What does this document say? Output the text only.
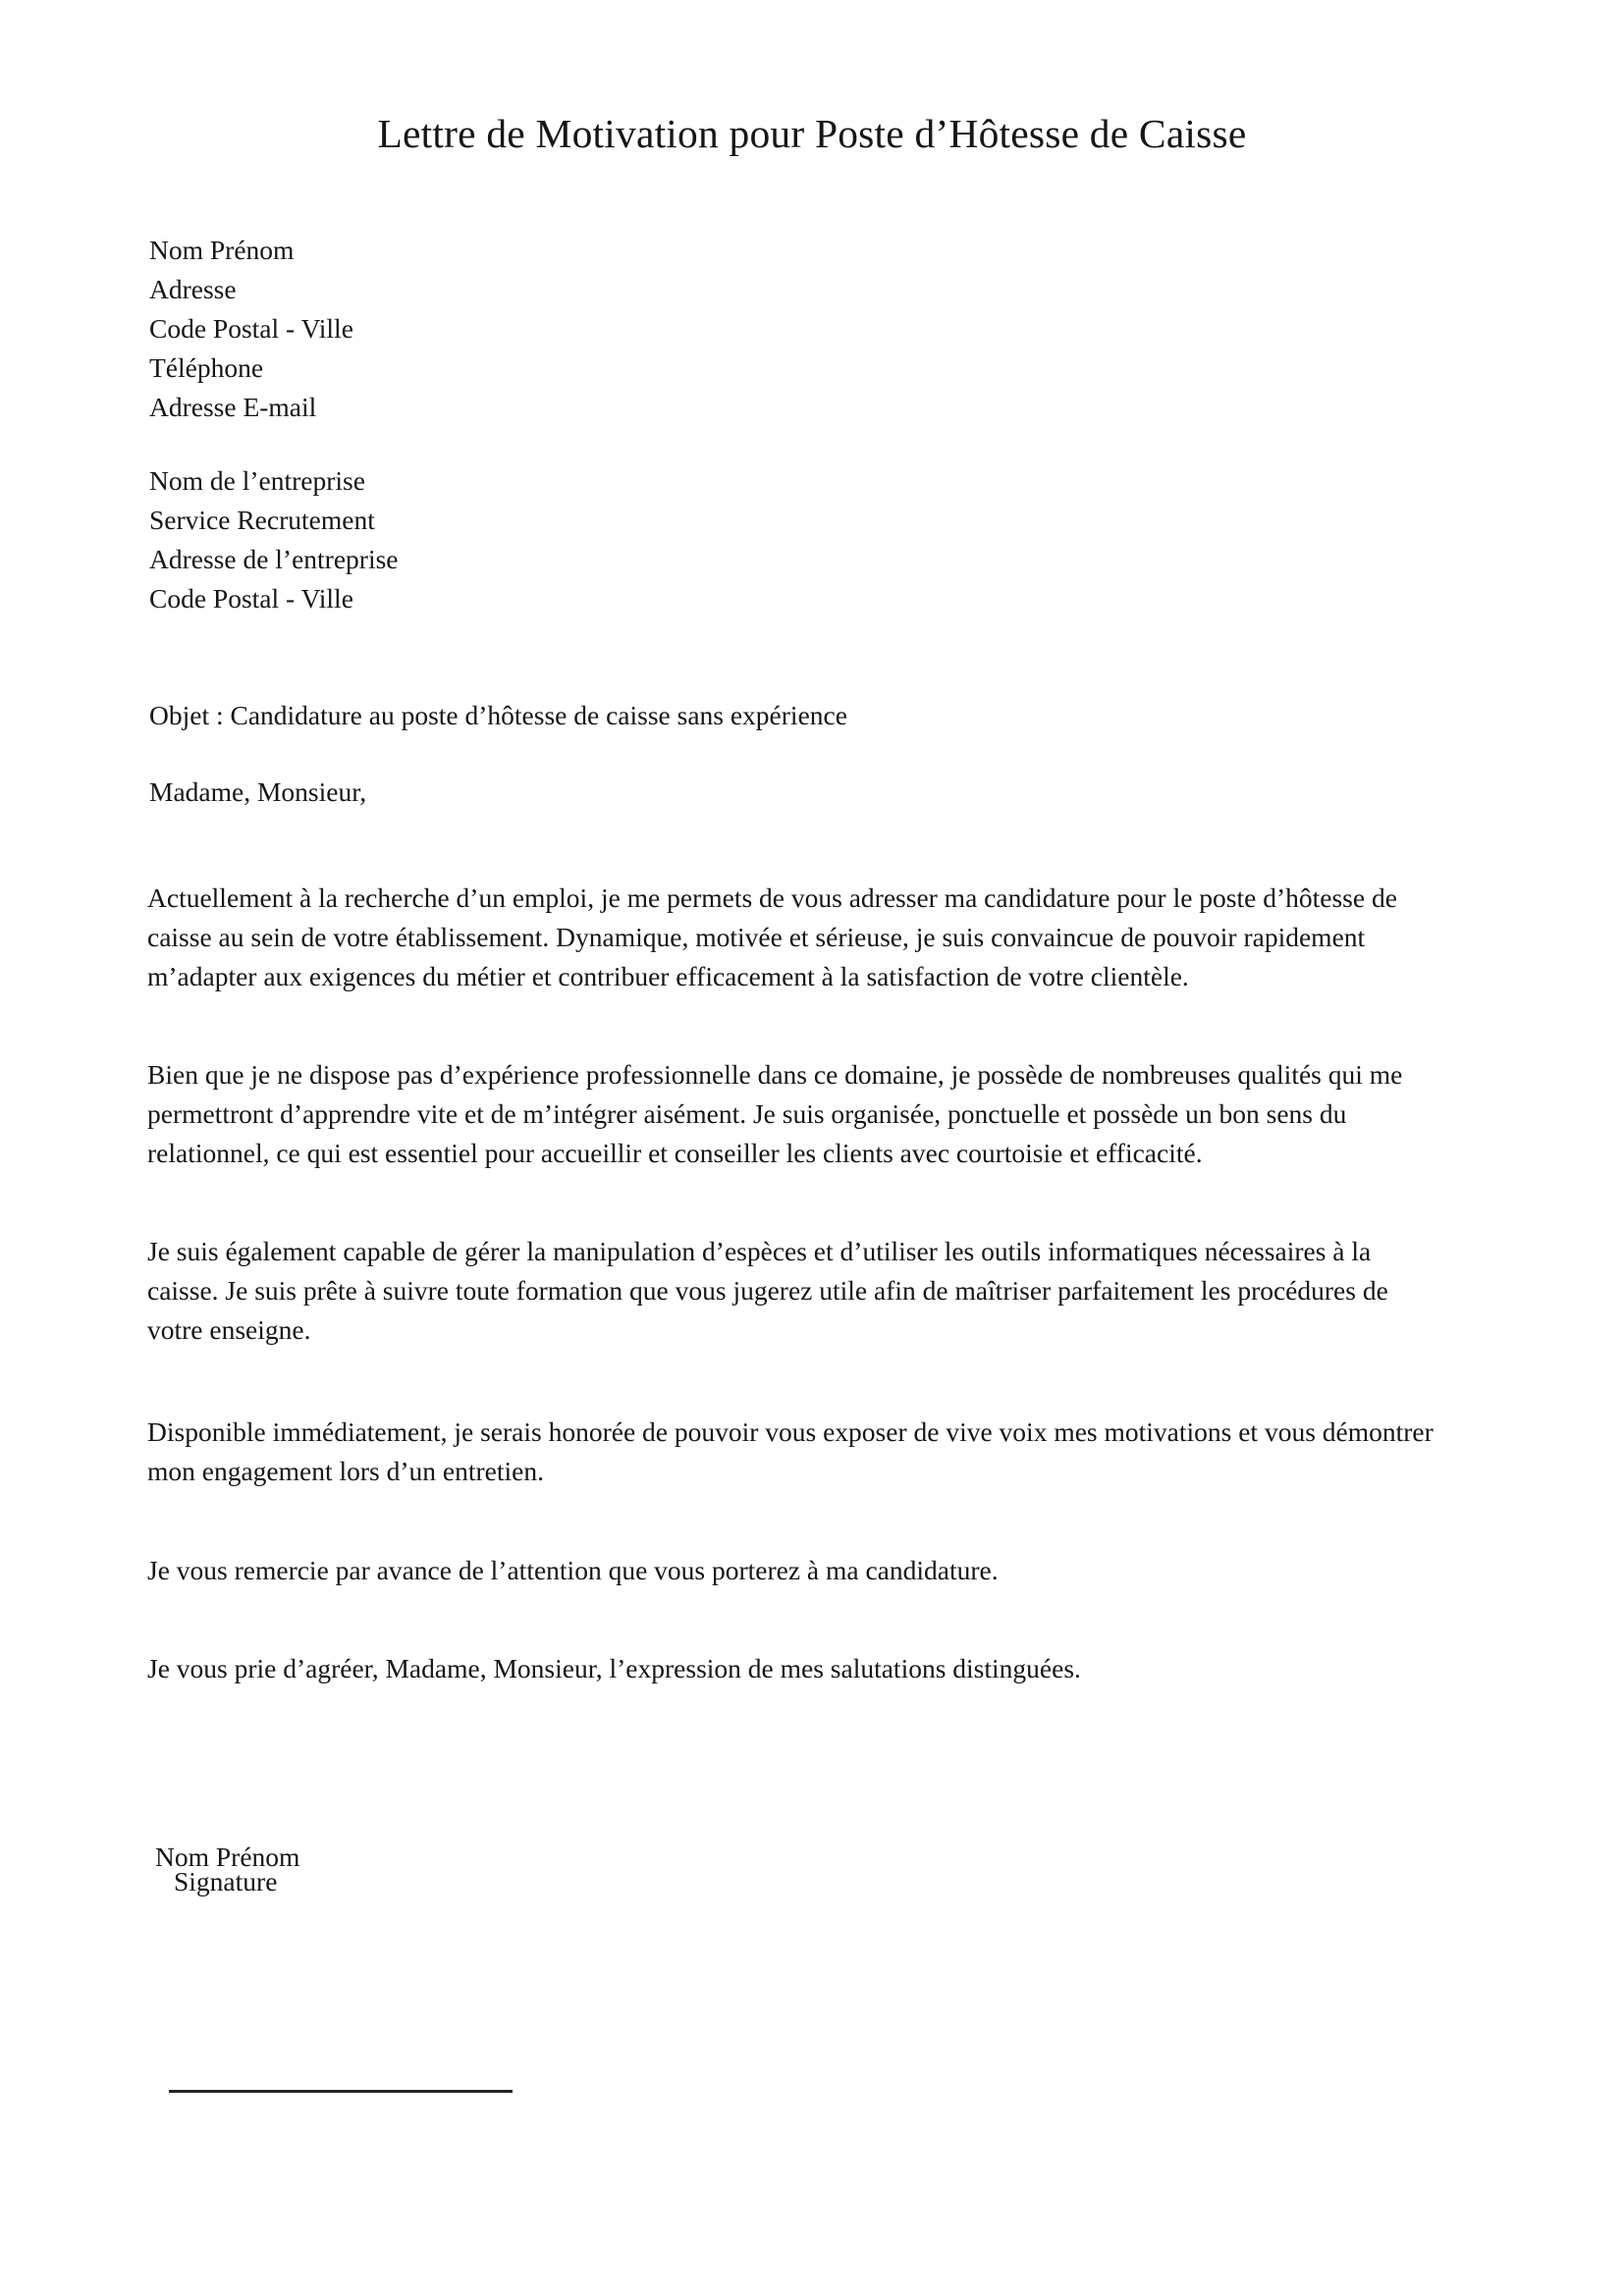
Lettre de Motivation pour Poste d’Hôtesse de Caisse
Nom Prénom
Adresse
Code Postal - Ville
Téléphone
Adresse E-mail
Nom de l’entreprise
Service Recrutement
Adresse de l’entreprise
Code Postal - Ville
Objet : Candidature au poste d’hôtesse de caisse sans expérience
Madame, Monsieur,
Actuellement à la recherche d’un emploi, je me permets de vous adresser ma candidature pour le poste d’hôtesse de
caisse au sein de votre établissement. Dynamique, motivée et sérieuse, je suis convaincue de pouvoir rapidement
m’adapter aux exigences du métier et contribuer efficacement à la satisfaction de votre clientèle.
Bien que je ne dispose pas d’expérience professionnelle dans ce domaine, je possède de nombreuses qualités qui me
permettront d’apprendre vite et de m’intégrer aisément. Je suis organisée, ponctuelle et possède un bon sens du
relationnel, ce qui est essentiel pour accueillir et conseiller les clients avec courtoisie et efficacité.
Je suis également capable de gérer la manipulation d’espèces et d’utiliser les outils informatiques nécessaires à la
caisse. Je suis prête à suivre toute formation que vous jugerez utile afin de maîtriser parfaitement les procédures de
votre enseigne.
Disponible immédiatement, je serais honorée de pouvoir vous exposer de vive voix mes motivations et vous démontrer
mon engagement lors d’un entretien.
Je vous remercie par avance de l’attention que vous porterez à ma candidature.
Je vous prie d’agréer, Madame, Monsieur, l’expression de mes salutations distinguées.
Nom Prénom
Signature
